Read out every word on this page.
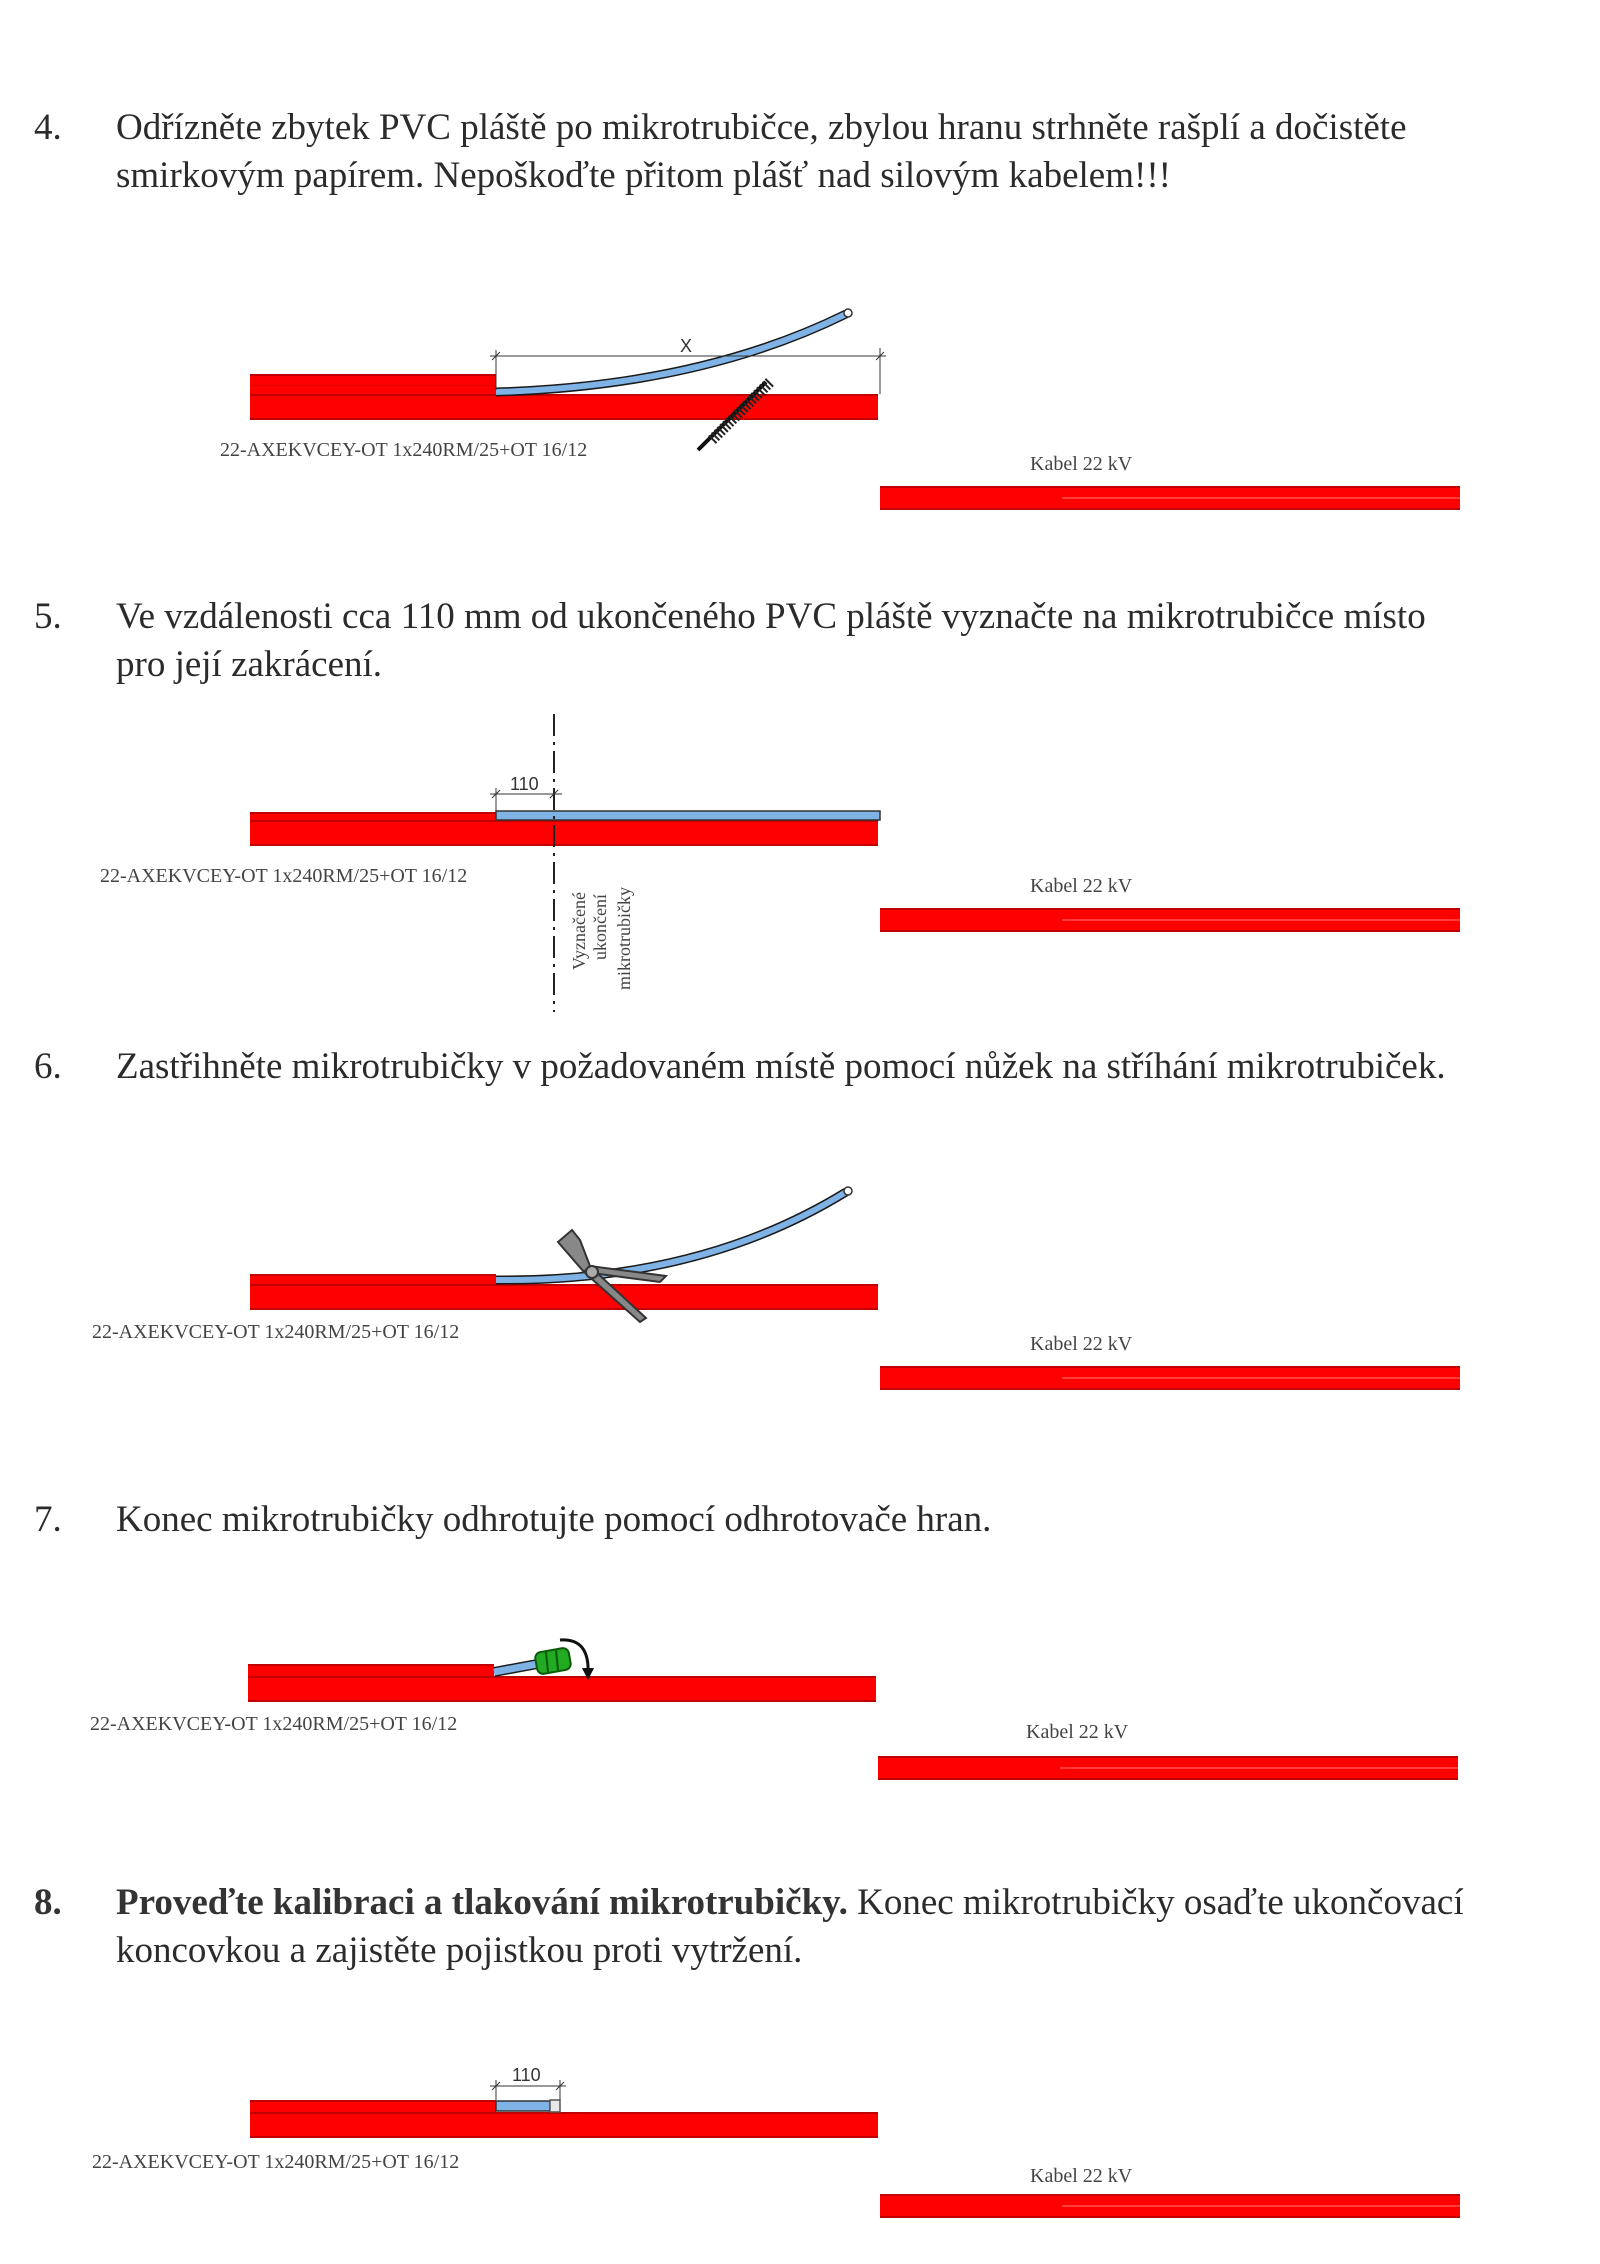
4. Odřízněte zbytek PVC pláště po mikrotrubičce, zbylou hranu strhněte rašplí a dočistěte smirkovým papírem. Nepoškoďte přitom plášť nad silovým kabelem!!!

X
22-AXEKVCEY-OT 1x240RM/25+OT 16/12
Kabel 22 kV
5. Ve vzdálenosti cca 110 mm od ukončeného PVC pláště vyznačte na mikrotrubičce místo pro její zakrácení.

110
Vyznačené ukončení mikrotrubičky
22-AXEKVCEY-OT 1x240RM/25+OT 16/12	Kabel 22 kV
6. Zastřihněte mikrotrubičky v požadovaném místě pomocí nůžek na stříhání mikrotrubiček.

22-AXEKVCEY-OT 1x240RM/25+OT 16/12
Kabel 22 kV
7. Konec mikrotrubičky odhrotujte pomocí odhrotovače hran.

22-AXEKVCEY-OT 1x240RM/25+OT 16/12	Kabel 22 kV
8. Proveďte kalibraci a tlakování mikrotrubičky. Konec mikrotrubičky osaďte ukončovací koncovkou a zajistěte pojistkou proti vytržení.

110
22-AXEKVCEY-OT 1x240RM/25+OT 16/12
Kabel 22 kV
